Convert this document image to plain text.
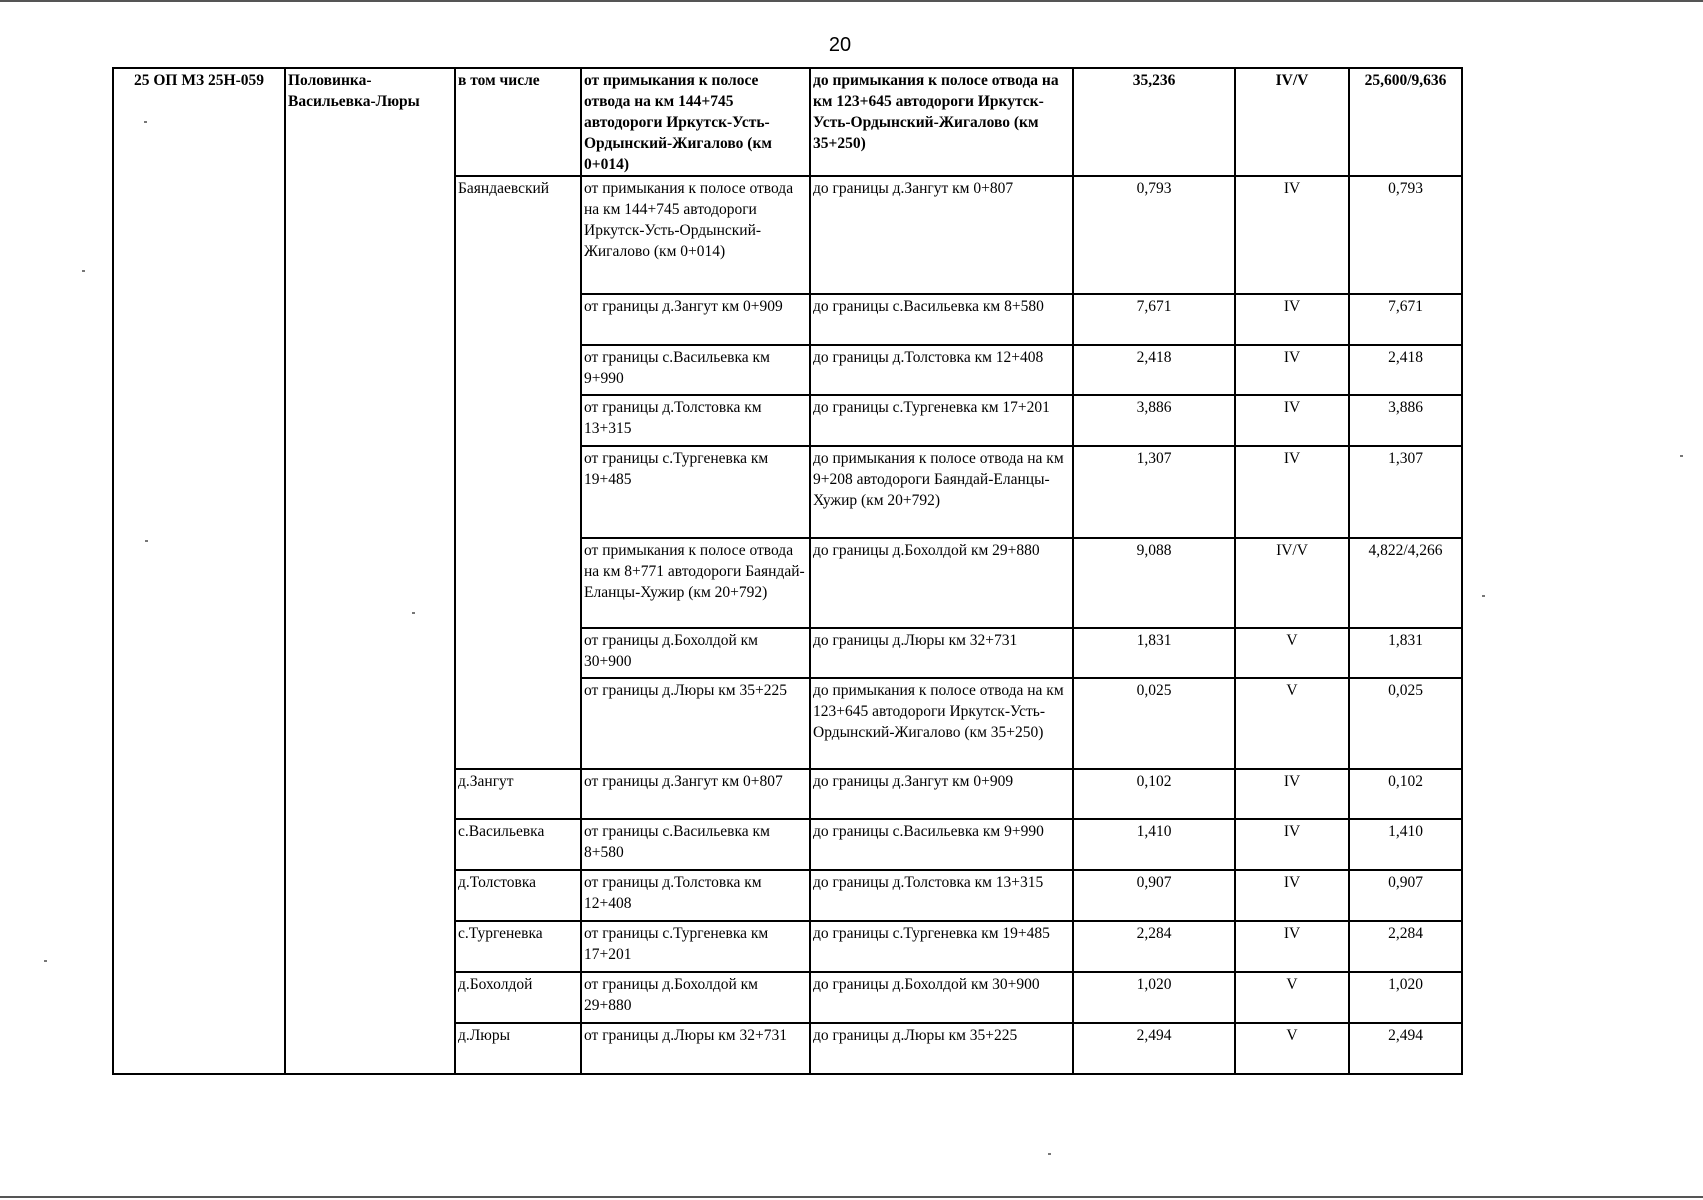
20
25 ОП МЗ 25Н-059	Половинка-Васильевка-Люры	в том числе	от примыкания к полосе отвода на км 144+745 автодороги Иркутск-Усть-Ордынский-Жигалово (км 0+014)	до примыкания к полосе отвода на км 123+645 автодороги Иркутск-Усть-Ордынский-Жигалово (км 35+250)	35,236	IV/V	25,600/9,636
		Баяндаевский	от примыкания к полосе отвода на км 144+745 автодороги Иркутск-Усть-Ордынский-Жигалово (км 0+014)	до границы д.Зангут км 0+807	0,793	IV	0,793
			от границы д.Зангут км 0+909	до границы с.Васильевка км 8+580	7,671	IV	7,671
			от границы с.Васильевка км 9+990	до границы д.Толстовка км 12+408	2,418	IV	2,418
			от границы д.Толстовка км 13+315	до границы с.Тургеневка км 17+201	3,886	IV	3,886
			от границы с.Тургеневка км 19+485	до примыкания к полосе отвода на км 9+208 автодороги Баяндай-Еланцы-Хужир (км 20+792)	1,307	IV	1,307
			от примыкания к полосе отвода на км 8+771 автодороги Баяндай-Еланцы-Хужир (км 20+792)	до границы д.Бохолдой км 29+880	9,088	IV/V	4,822/4,266
			от границы д.Бохолдой км 30+900	до границы д.Люры км 32+731	1,831	V	1,831
			от границы д.Люры км 35+225	до примыкания к полосе отвода на км 123+645 автодороги Иркутск-Усть-Ордынский-Жигалово (км 35+250)	0,025	V	0,025
		д.Зангут	от границы д.Зангут км 0+807	до границы д.Зангут км 0+909	0,102	IV	0,102
		с.Васильевка	от границы с.Васильевка км 8+580	до границы с.Васильевка км 9+990	1,410	IV	1,410
		д.Толстовка	от границы д.Толстовка км 12+408	до границы д.Толстовка км 13+315	0,907	IV	0,907
		с.Тургеневка	от границы с.Тургеневка км 17+201	до границы с.Тургеневка км 19+485	2,284	IV	2,284
		д.Бохолдой	от границы д.Бохолдой км 29+880	до границы д.Бохолдой км 30+900	1,020	V	1,020
		д.Люры	от границы д.Люры км 32+731	до границы д.Люры км 35+225	2,494	V	2,494
